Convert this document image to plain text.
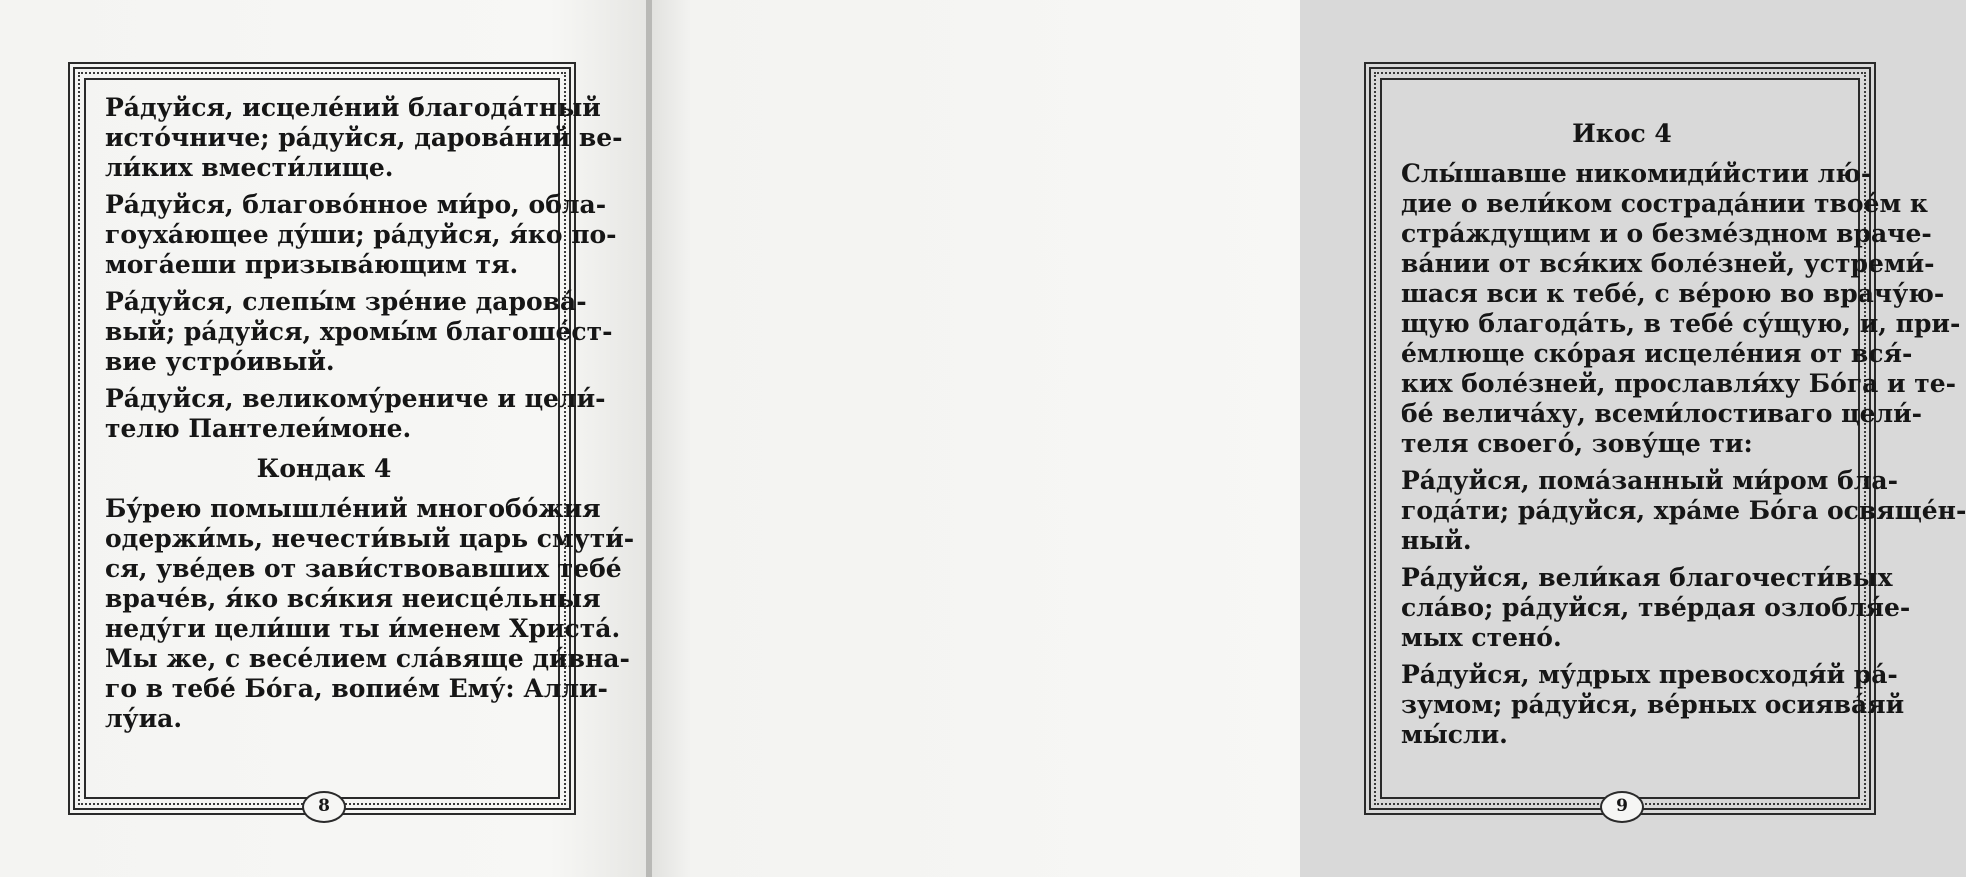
Ра́дуйся, исцеле́ний благода́тный
исто́чниче; ра́дуйся, дарова́ний ве-
ли́ких вмести́лище.
Ра́дуйся, благово́нное ми́ро, обла-
гоуха́ющее ду́ши; ра́дуйся, я́ко по-
мога́еши призыва́ющим тя.
Ра́дуйся, слепы́м зре́ние дарова́-
вый; ра́дуйся, хромы́м благоше́ст-
вие устро́ивый.
Ра́дуйся, великому́рениче и цели́-
телю Пантелеи́моне.
Кондак 4
Бу́рею помышле́ний многобо́жия
одержи́мь, нечести́вый царь смути́-
ся, уве́дев от зави́ствовавших тебе́
враче́в, я́ко вся́кия неисце́льныя
неду́ги цели́ши ты и́менем Христа́.
Мы же, с весе́лием сла́вяще ди́вна-
го в тебе́ Бо́га, вопие́м Ему́: Алли-
лу́иа.
8
Икос 4
Слы́шавше никомиди́йстии лю́-
дие о вели́ком сострада́нии твое́м к
стра́ждущим и о безме́здном враче-
ва́нии от вся́ких боле́зней, устреми́-
шася вси к тебе́, с ве́рою во врачу́ю-
щую благода́ть, в тебе́ су́щую, и, при-
е́млюще ско́рая исцеле́ния от вся́-
ких боле́зней, прославля́ху Бо́га и те-
бе́ велича́ху, всеми́лостиваго цели́-
теля своего́, зову́ще ти:
Ра́дуйся, пома́занный ми́ром бла-
года́ти; ра́дуйся, хра́ме Бо́га освяще́н-
ный.
Ра́дуйся, вели́кая благочести́вых
сла́во; ра́дуйся, тве́рдая озлобля́е-
мых стено́.
Ра́дуйся, му́дрых превосходя́й ра́-
зумом; ра́дуйся, ве́рных осиява́яй
мы́сли.
9
